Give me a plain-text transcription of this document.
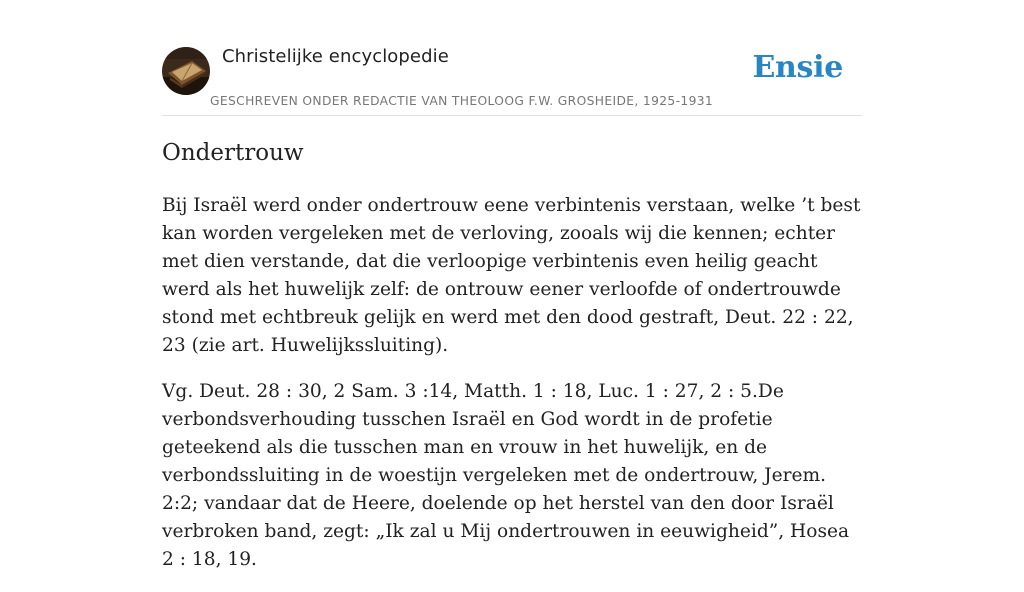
Christelijke encyclopedie
GESCHREVEN ONDER REDACTIE VAN THEOLOOG F.W. GROSHEIDE, 1925-1931
Ensie
Ondertrouw

Bij Israël werd onder ondertrouw eene verbintenis verstaan, welke ’t best kan worden vergeleken met de verloving, zooals wij die kennen; echter met dien verstande, dat die verloopige verbintenis even heilig geacht werd als het huwelijk zelf: de ontrouw eener verloofde of ondertrouwde stond met echtbreuk gelijk en werd met den dood gestraft, Deut. 22 : 22, 23 (zie art. Huwelijkssluiting).

Vg. Deut. 28 : 30, 2 Sam. 3 :14, Matth. 1 : 18, Luc. 1 : 27, 2 : 5.De verbondsverhouding tusschen Israël en God wordt in de profetie geteekend als die tusschen man en vrouw in het huwelijk, en de verbondssluiting in de woestijn vergeleken met de ondertrouw, Jerem. 2:2; vandaar dat de Heere, doelende op het herstel van den door Israël verbroken band, zegt: „Ik zal u Mij ondertrouwen in eeuwigheid”, Hosea 2 : 18, 19.
